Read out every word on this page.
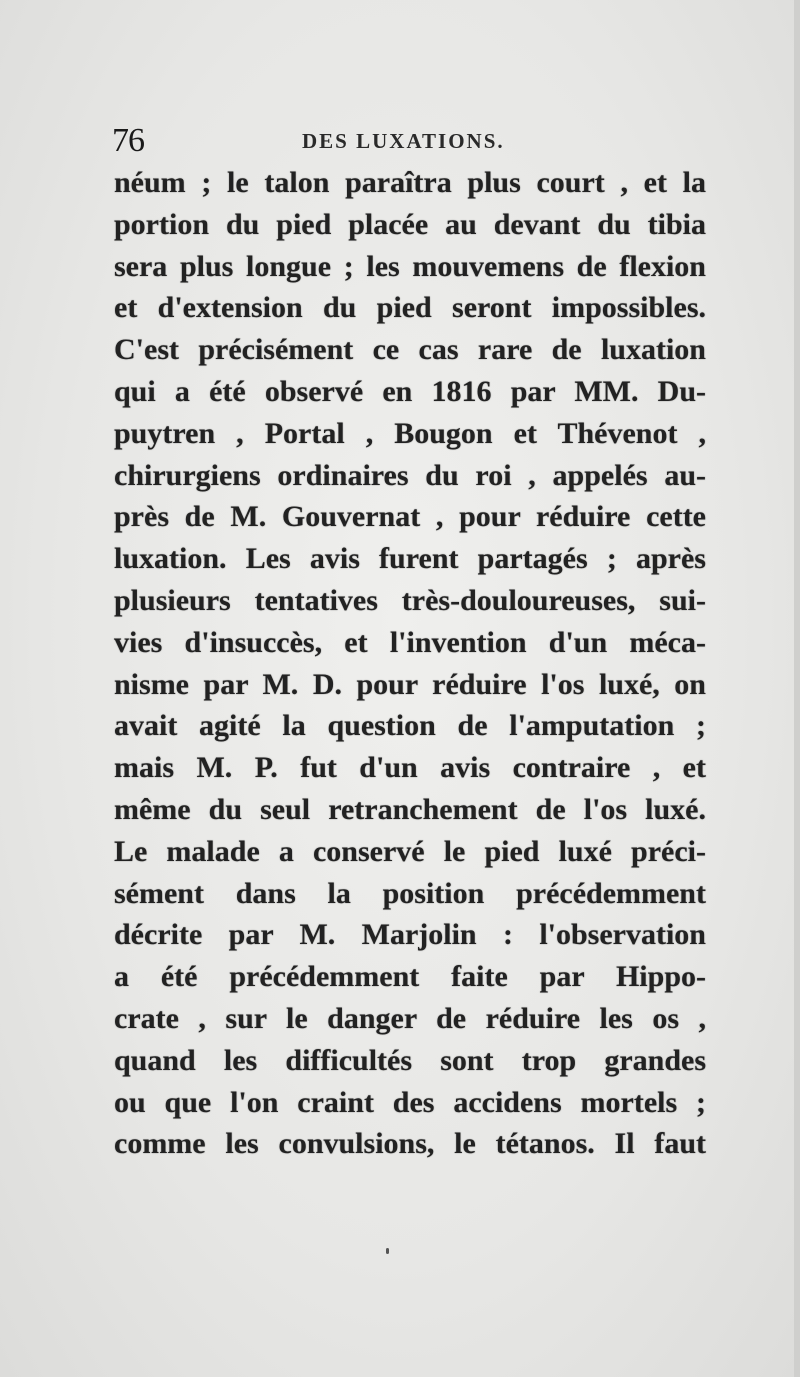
76	DES LUXATIONS.
néum ; le talon paraîtra plus court , et la
portion du pied placée au devant du tibia
sera plus longue ; les mouvemens de flexion
et d'extension du pied seront impossibles.
C'est précisément ce cas rare de luxation
qui a été observé en 1816 par MM. Du-
puytren , Portal , Bougon et Thévenot ,
chirurgiens ordinaires du roi , appelés au-
près de M. Gouvernat , pour réduire cette
luxation. Les avis furent partagés ; après
plusieurs tentatives très-douloureuses, sui-
vies d'insuccès, et l'invention d'un méca-
nisme par M. D. pour réduire l'os luxé, on
avait agité la question de l'amputation ;
mais M. P. fut d'un avis contraire , et
même du seul retranchement de l'os luxé.
Le malade a conservé le pied luxé préci-
sément dans la position précédemment
décrite par M. Marjolin : l'observation
a été précédemment faite par Hippo-
crate , sur le danger de réduire les os ,
quand les difficultés sont trop grandes
ou que l'on craint des accidens mortels ;
comme les convulsions, le tétanos. Il faut
